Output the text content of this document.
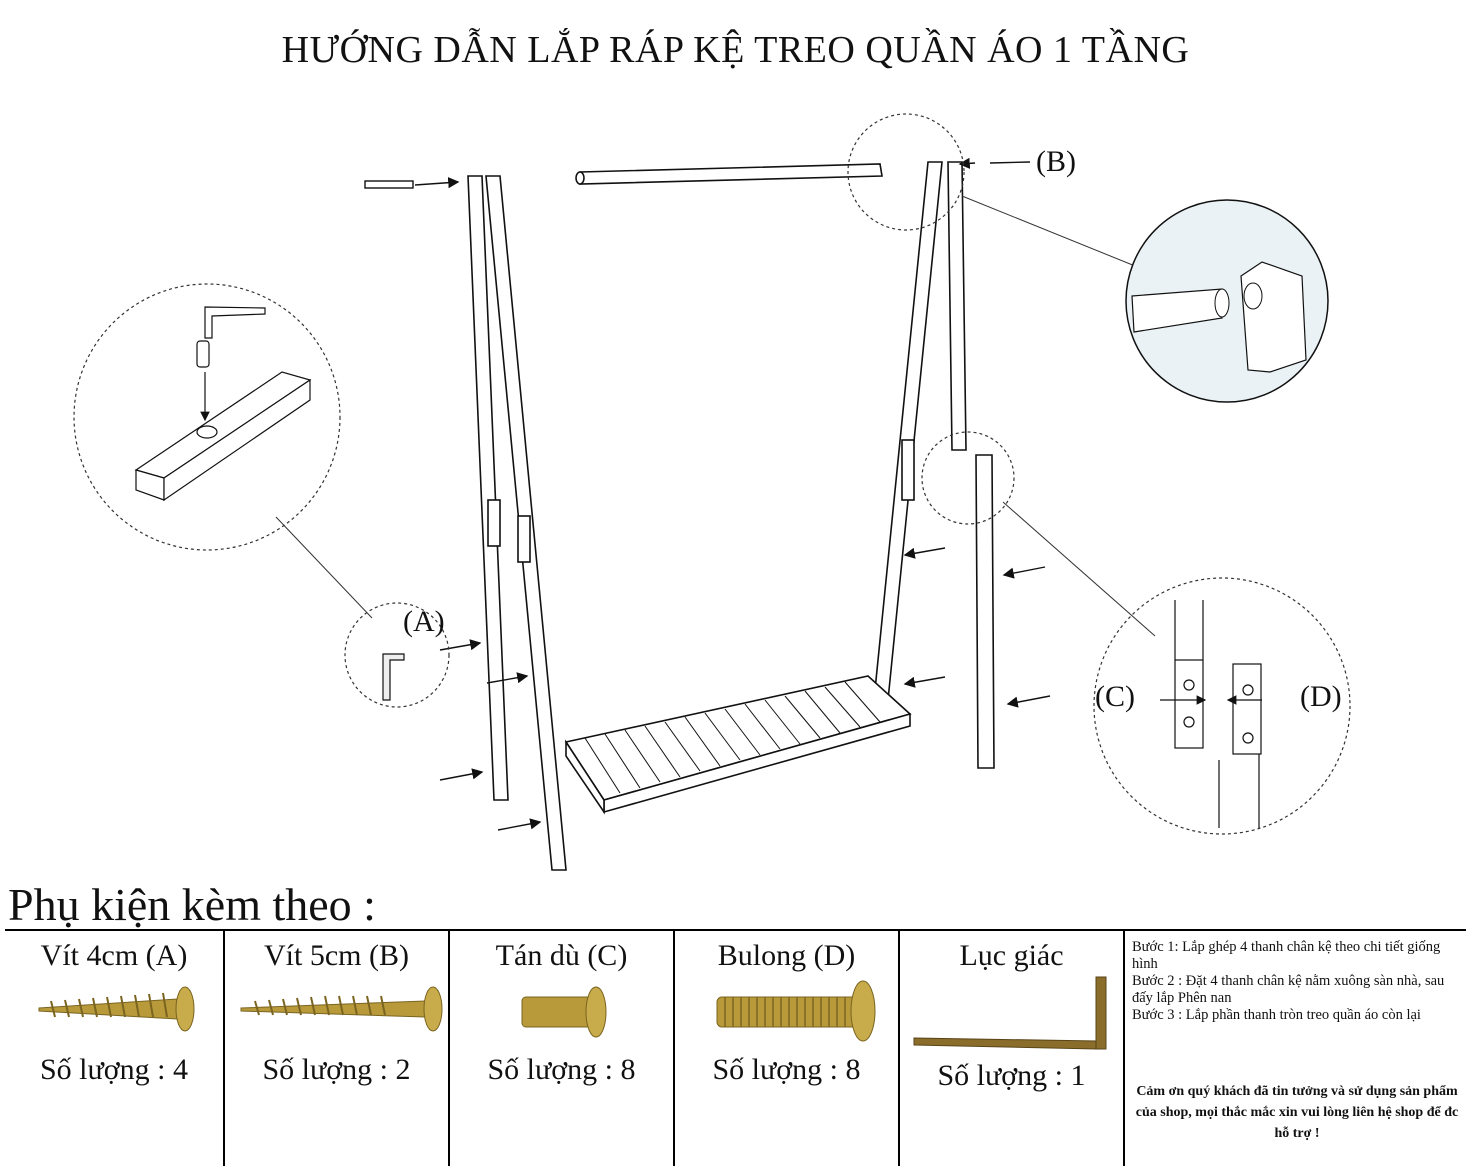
HƯỚNG DẪN LẮP RÁP KỆ TREO QUẦN ÁO 1 TẦNG
(A)
(B)
(C)	(D)
Phụ kiện kèm theo :
Vít 4cm (A)
Số lượng : 4
Vít 5cm (B)
Số lượng : 2
Tán dù (C)
Số lượng : 8
Bulong (D)
Số lượng : 8
Lục giác
Số lượng : 1

Bước 1: Lắp ghép 4 thanh chân kệ theo chi tiết giống hình

Bước 2 : Đặt 4 thanh chân kệ nằm xuông sàn nhà, sau đấy lắp Phên nan

Bước 3 : Lắp phần thanh tròn treo quần áo còn lại

Cảm ơn quý khách đã tin tưởng và sử dụng sản phẩm của shop, mọi thắc mắc xin vui lòng liên hệ shop để đc hỗ trợ !
